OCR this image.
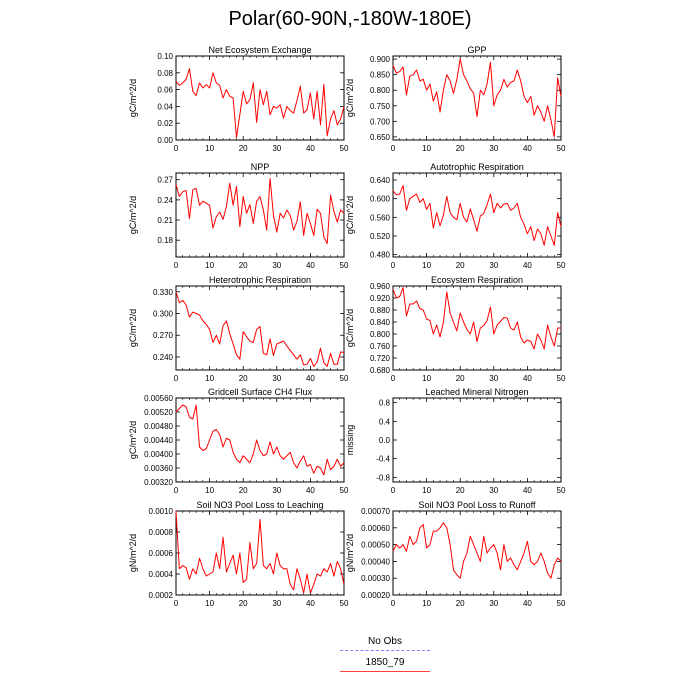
Polar(60-90N,-180W-180E)
Net Ecosystem Exchange
gC/m^2/d
0	10	20	30	40	50
0.00
0.02
0.04
0.06
0.08
0.10
GPP
gC/m^2/d
0	10	20	30	40	50
0.650
0.700
0.750
0.800
0.850
0.900
NPP
gC/m^2/d
0	10	20	30	40	50
0.18
0.21
0.24
0.27
Autotrophic Respiration
gC/m^2/d
0	10	20	30	40	50
0.480
0.520
0.560
0.600
0.640
Heterotrophic Respiration
gC/m^2/d
0	10	20	30	40	50
0.240
0.270
0.300
0.330
Ecosystem Respiration
gC/m^2/d
0	10	20	30	40	50
0.680
0.720
0.760
0.800
0.840
0.880
0.920
0.960
Gridcell Surface CH4 Flux
gC/m^2/d
0	10	20	30	40	50
0.00320
0.00360
0.00400
0.00440
0.00480
0.00520
0.00560
Leached Mineral Nitrogen
missing
0	10	20	30	40	50
-0.8
-0.4
0.0
0.4
0.8
Soil NO3 Pool Loss to Leaching
gN/m^2/d
0	10	20	30	40	50
0.0002
0.0004
0.0006
0.0008
0.0010
Soil NO3 Pool Loss to Runoff
gN/m^2/d
0	10	20	30	40	50
0.00020
0.00030
0.00040
0.00050
0.00060
0.00070
No Obs
1850_79
